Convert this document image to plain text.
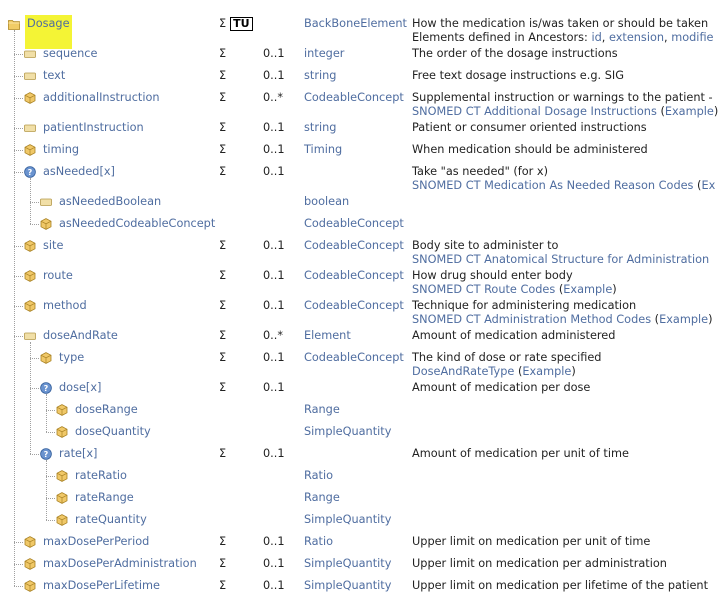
Dosage	Σ TU	BackBoneElement How the medication is/was taken or should be taken
Elements defined in Ancestors: id, extension, modifie
sequence	Σ	0..1 integer	The order of the dosage instructions
text	Σ	0..1 string	Free text dosage instructions e.g. SIG
additionalInstruction	Σ	0..* CodeableConcept Supplemental instruction or warnings to the patient -
SNOMED CT Additional Dosage Instructions (Example)
patientInstruction	Σ	0..1 string	Patient or consumer oriented instructions
timing	Σ	0..1 Timing	When medication should be administered
? asNeeded[x]	Σ	0..1	Take "as needed" (for x)
SNOMED CT Medication As Needed Reason Codes (Ex
asNeededBoolean	boolean
asNeededCodeableConcept	CodeableConcept
site	Σ	0..1 CodeableConcept Body site to administer to
SNOMED CT Anatomical Structure for Administration
route	Σ	0..1 CodeableConcept How drug should enter body
SNOMED CT Route Codes (Example)
method	Σ	0..1 CodeableConcept Technique for administering medication
SNOMED CT Administration Method Codes (Example)
doseAndRate	Σ	0..* Element	Amount of medication administered
type	Σ	0..1 CodeableConcept The kind of dose or rate specified
DoseAndRateType (Example)
? dose[x]	Σ	0..1	Amount of medication per dose
doseRange	Range
doseQuantity	SimpleQuantity
? rate[x]	Σ	0..1	Amount of medication per unit of time
rateRatio	Ratio
rateRange	Range
rateQuantity	SimpleQuantity
maxDosePerPeriod	Σ	0..1 Ratio	Upper limit on medication per unit of time
maxDosePerAdministration Σ	0..1 SimpleQuantity Upper limit on medication per administration
maxDosePerLifetime	Σ	0..1 SimpleQuantity Upper limit on medication per lifetime of the patient
